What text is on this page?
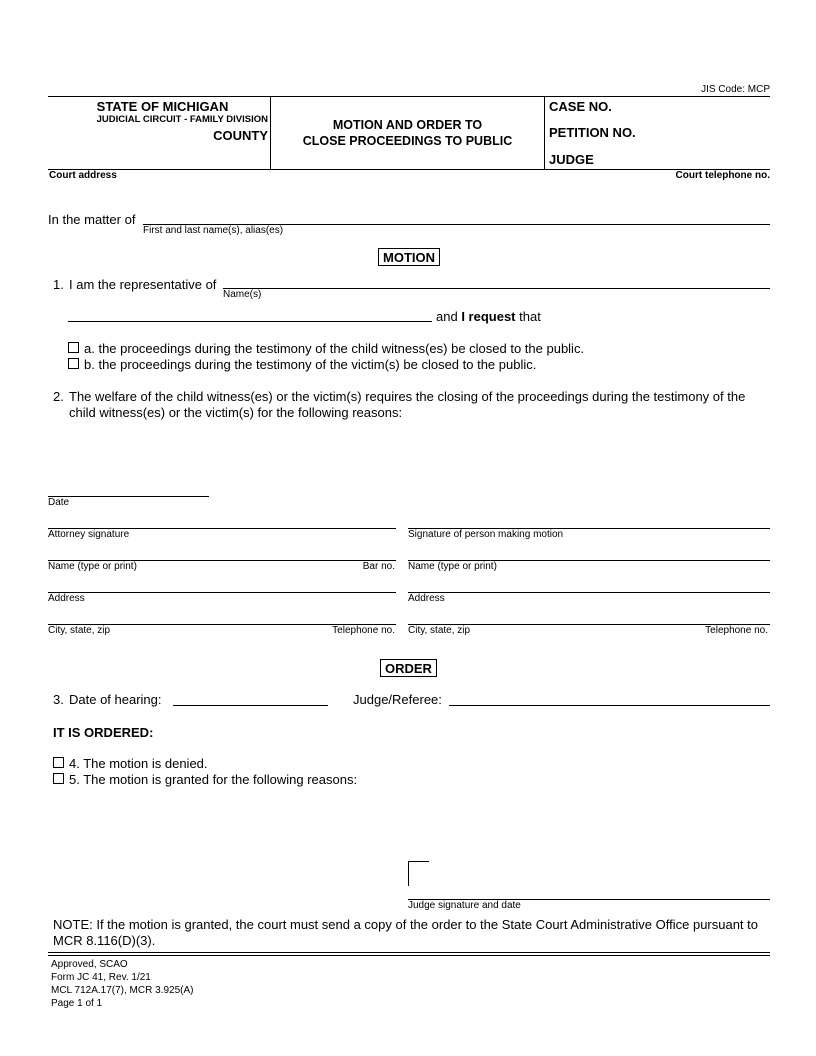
JIS Code: MCP
STATE OF MICHIGAN
JUDICIAL CIRCUIT - FAMILY DIVISION
COUNTY
MOTION AND ORDER TO
CLOSE PROCEEDINGS TO PUBLIC
CASE NO.
PETITION NO.
JUDGE
Court address	Court telephone no.
In the matter of
First and last name(s), alias(es)
MOTION
1. I am the representative of
Name(s)
and I request that
a. the proceedings during the testimony of the child witness(es) be closed to the public.
b. the proceedings during the testimony of the victim(s) be closed to the public.
2. The welfare of the child witness(es) or the victim(s) requires the closing of the proceedings during the testimony of the
child witness(es) or the victim(s) for the following reasons:
Date
Attorney signature	Signature of person making motion
Name (type or print)	Bar no. Name (type or print)
Address	Address
City, state, zip	Telephone no. City, state, zip	Telephone no.
ORDER
3. Date of hearing:	Judge/Referee:
IT IS ORDERED:
4. The motion is denied.
5. The motion is granted for the following reasons:
Judge signature and date
NOTE: If the motion is granted, the court must send a copy of the order to the State Court Administrative Office pursuant to
MCR 8.116(D)(3).
Approved, SCAO
Form JC 41, Rev. 1/21
MCL 712A.17(7), MCR 3.925(A)
Page 1 of 1
